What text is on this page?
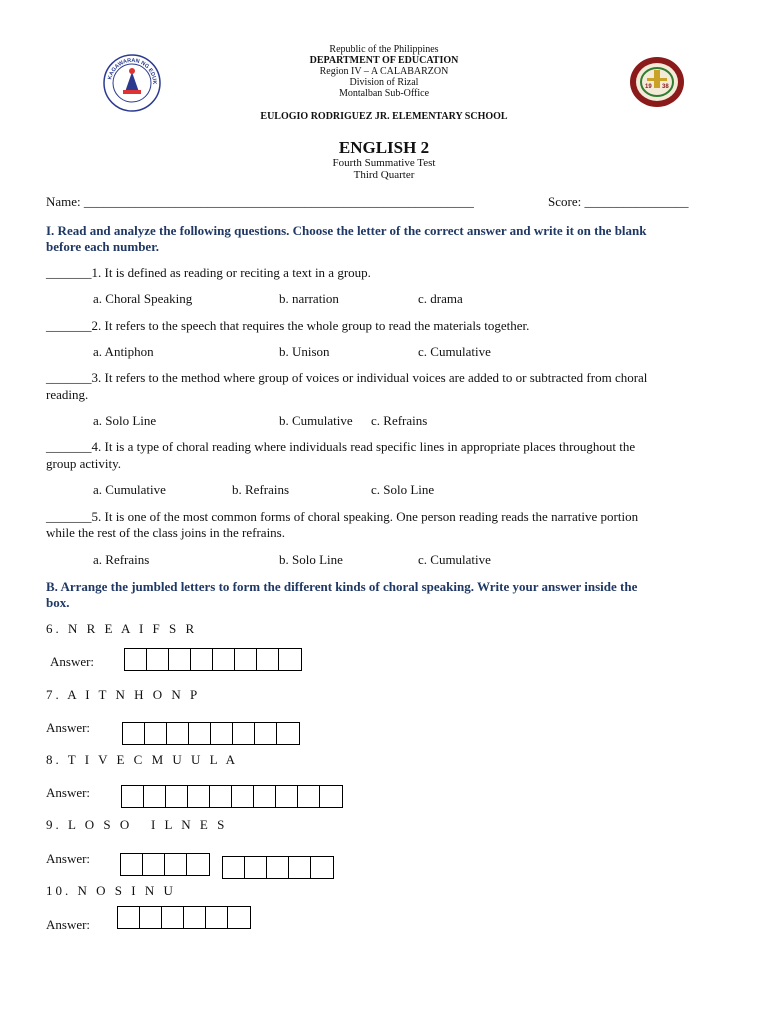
KAGAWARAN NG EDUK
19 38
Republic of the Philippines
DEPARTMENT OF EDUCATION
Region IV – A CALABARZON
Division of Rizal
Montalban Sub-Office
EULOGIO RODRIGUEZ JR. ELEMENTARY SCHOOL
ENGLISH 2
Fourth Summative Test
Third Quarter
Name: ____________________________________________________________	Score: ________________
I. Read and analyze the following questions. Choose the letter of the correct answer and write it on the blank
before each number.
_______1. It is defined as reading or reciting a text in a group.
a. Choral Speaking	b. narration	c. drama
_______2. It refers to the speech that requires the whole group to read the materials together.
a. Antiphon	b. Unison	c. Cumulative
_______3. It refers to the method where group of voices or individual voices are added to or subtracted from choral
reading.
a. Solo Line	b. Cumulative c. Refrains
_______4. It is a type of choral reading where individuals read specific lines in appropriate places throughout the
group activity.
a. Cumulative	b. Refrains	c. Solo Line
_______5. It is one of the most common forms of choral speaking. One person reading reads the narrative portion
while the rest of the class joins in the refrains.
a. Refrains	b. Solo Line	c. Cumulative
B. Arrange the jumbled letters to form the different kinds of choral speaking. Write your answer inside the
box.
6. N R E A I F S R
Answer:
7. A I T N H O N P
Answer:
8. T I V E C M U U L A
Answer:
9. L O S O   I L N E S
Answer:
10. N O S I N U
Answer:
